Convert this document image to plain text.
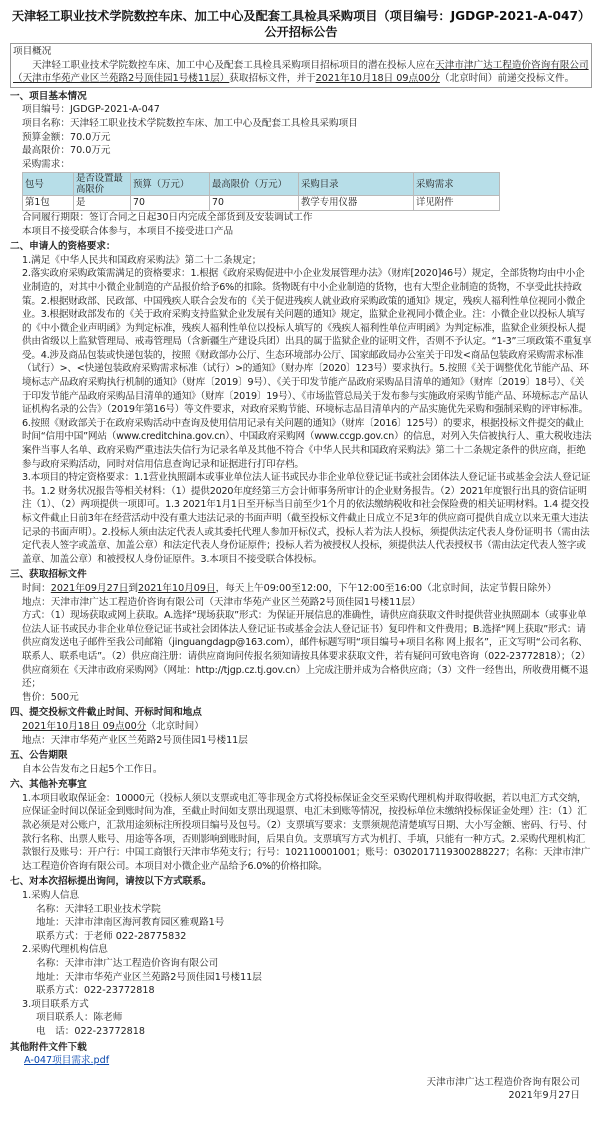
天津轻工职业技术学院数控车床、加工中心及配套工具检具采购项目（项目编号：JGDGP-2021-A-047）公开招标公告
项目概况
天津轻工职业技术学院数控车床、加工中心及配套工具检具采购项目招标项目的潜在投标人应在天津市津广达工程造价咨询有限公司（天津市华苑产业区兰苑路2号顶佳园1号楼11层）获取招标文件，并于2021年10月18日 09点00分（北京时间）前递交投标文件。
一、项目基本情况
项目编号：JGDGP-2021-A-047
项目名称：天津轻工职业技术学院数控车床、加工中心及配套工具检具采购项目
预算金额：70.0万元
最高限价：70.0万元
采购需求：
包号	是否设置最高限价	预算（万元）	最高限价（万元）	采购目录	采购需求
第1包	是	70	70	教学专用仪器	详见附件
合同履行期限：签订合同之日起30日内完成全部货到及安装调试工作
本项目不接受联合体参与，本项目不接受进口产品
二、申请人的资格要求：
1.满足《中华人民共和国政府采购法》第二十二条规定；
2.落实政府采购政策需满足的资格要求：1.根据《政府采购促进中小企业发展管理办法》（财库[2020]46号）规定，全部货物均由中小企业制造的，对其中小微企业制造的产品报价给予6%的扣除。货物既有中小企业制造的货物，也有大型企业制造的货物，不享受此扶持政策。2.根据财政部、民政部、中国残疾人联合会发布的《关于促进残疾人就业政府采购政策的通知》规定，残疾人福利性单位视同小微企业。3.根据财政部发布的《关于政府采购支持监狱企业发展有关问题的通知》规定，监狱企业视同小微企业。注：小微企业以投标人填写的《中小微企业声明函》为判定标准，残疾人福利性单位以投标人填写的《残疾人福利性单位声明函》为判定标准，监狱企业须投标人提供由省级以上监狱管理局、戒毒管理局（含新疆生产建设兵团）出具的属于监狱企业的证明文件，否则不予认定。“1-3”三项政策不重复享受。4.涉及商品包装或快递包装的，按照《财政部办公厅、生态环境部办公厅、国家邮政局办公室关于印发<商品包装政府采购需求标准（试行）>、<快递包装政府采购需求标准（试行）>的通知》（财办库〔2020〕123号）要求执行。5.按照《关于调整优化节能产品、环境标志产品政府采购执行机制的通知》（财库〔2019〕9号）、《关于印发节能产品政府采购品目清单的通知》（财库〔2019〕18号）、《关于印发节能产品政府采购品目清单的通知》（财库〔2019〕19号）、《市场监管总局关于发布参与实施政府采购节能产品、环境标志产品认证机构名录的公告》（2019年第16号）等文件要求，对政府采购节能、环境标志品目清单内的产品实施优先采购和强制采购的评审标准。6.按照《财政部关于在政府采购活动中查询及使用信用记录有关问题的通知》（财库〔2016〕125号）的要求，根据投标文件提交的截止时间“信用中国”网站（www.creditchina.gov.cn）、中国政府采购网（www.ccgp.gov.cn）的信息，对列入失信被执行人、重大税收违法案件当事人名单、政府采购严重违法失信行为记录名单及其他不符合《中华人民共和国政府采购法》第二十二条规定条件的供应商，拒绝参与政府采购活动，同时对信用信息查询记录和证据进行打印存档。
3.本项目的特定资格要求：1.1营业执照副本或事业单位法人证书或民办非企业单位登记证书或社会团体法人登记证书或基金会法人登记证书。1.2 财务状况报告等相关材料：（1）提供2020年度经第三方会计师事务所审计的企业财务报告。（2）2021年度银行出具的资信证明 注（1）、（2）两项提供一项即可。1.3 2021年1月1日至开标当日前至少1个月的依法缴纳税收和社会保险费的相关证明材料。1.4 提交投标文件截止日前3年在经营活动中没有重大违法记录的书面声明（截至投标文件截止日成立不足3年的供应商可提供自成立以来无重大违法记录的书面声明）。2.投标人须由法定代表人或其委托代理人参加开标仪式，投标人若为法人投标，须提供法定代表人身份证明书（需由法定代表人签字或盖章、加盖公章）和法定代表人身份证原件；投标人若为被授权人投标，须提供法人代表授权书（需由法定代表人签字或盖章、加盖公章）和被授权人身份证原件。3.本项目不接受联合体投标。
三、获取招标文件
时间：2021年09月27日到2021年10月09日，每天上午09:00至12:00，下午12:00至16:00（北京时间，法定节假日除外）
地点：天津市津广达工程造价咨询有限公司（天津市华苑产业区兰苑路2号顶佳园1号楼11层）
方式：（1）现场获取或网上获取。A.选择“现场获取”形式：为保证开展信息的准确性，请供应商获取文件时提供营业执照副本（或事业单位法人证书或民办非企业单位登记证书或社会团体法人登记证书或基金会法人登记证书）复印件和文件费用；B.选择“网上获取”形式：请供应商发送电子邮件至我公司邮箱（jinguangdagp@163.com），邮件标题写明“项目编号+项目名称 网上报名”，正文写明“公司名称、联系人、联系电话”。（2）供应商注册：请供应商询问传报名须知请按具体要求获取文件，若有疑问可致电咨询（022-23772818）；（2）供应商须在《天津市政府采购网》（网址：http://tjgp.cz.tj.gov.cn）上完成注册并成为合格供应商；（3）文件一经售出，所收费用概不退还；
售价：500元
四、提交投标文件截止时间、开标时间和地点
2021年10月18日 09点00分（北京时间）
地点：天津市华苑产业区兰苑路2号顶佳园1号楼11层
五、公告期限
自本公告发布之日起5个工作日。
六、其他补充事宜
1.本项目收取保证金：10000元（投标人须以支票或电汇等非现金方式将投标保证金交至采购代理机构并取得收据，若以电汇方式交纳，应保证金时间以保证金到账时间为准，至截止时间如支票出现退票、电汇未到账等情况，按投标单位未缴纳投标保证金处理）注：（1）汇款必须是对公账户，汇款用途须标注所投项目编号及包号。（2）支票填写要求：支票须规范清楚填写日期、大小写金额、密码、行号、付款行名称、出票人账号、用途等各项，否则影响到账时间，后果自负。支票填写方式为机打、手填，只能有一种方式。2.采购代理机构汇款银行及账号：开户行：中国工商银行天津市华苑支行；行号：102110001001；账号：0302017119300288227；名称：天津市津广达工程造价咨询有限公司。本项目对小微企业产品给予6.0%的价格扣除。
七、对本次招标提出询问，请按以下方式联系。
1.采购人信息
名称：天津轻工职业技术学院
地址：天津市津南区海河教育园区雅观路1号
联系方式：于老师 022-28775832
2.采购代理机构信息
名称：天津市津广达工程造价咨询有限公司
地址：天津市华苑产业区兰苑路2号顶佳园1号楼11层
联系方式：022-23772818
3.项目联系方式
项目联系人：陈老师
电　话：022-23772818
其他附件文件下载
A-047项目需求.pdf
天津市津广达工程造价咨询有限公司
2021年9月27日
